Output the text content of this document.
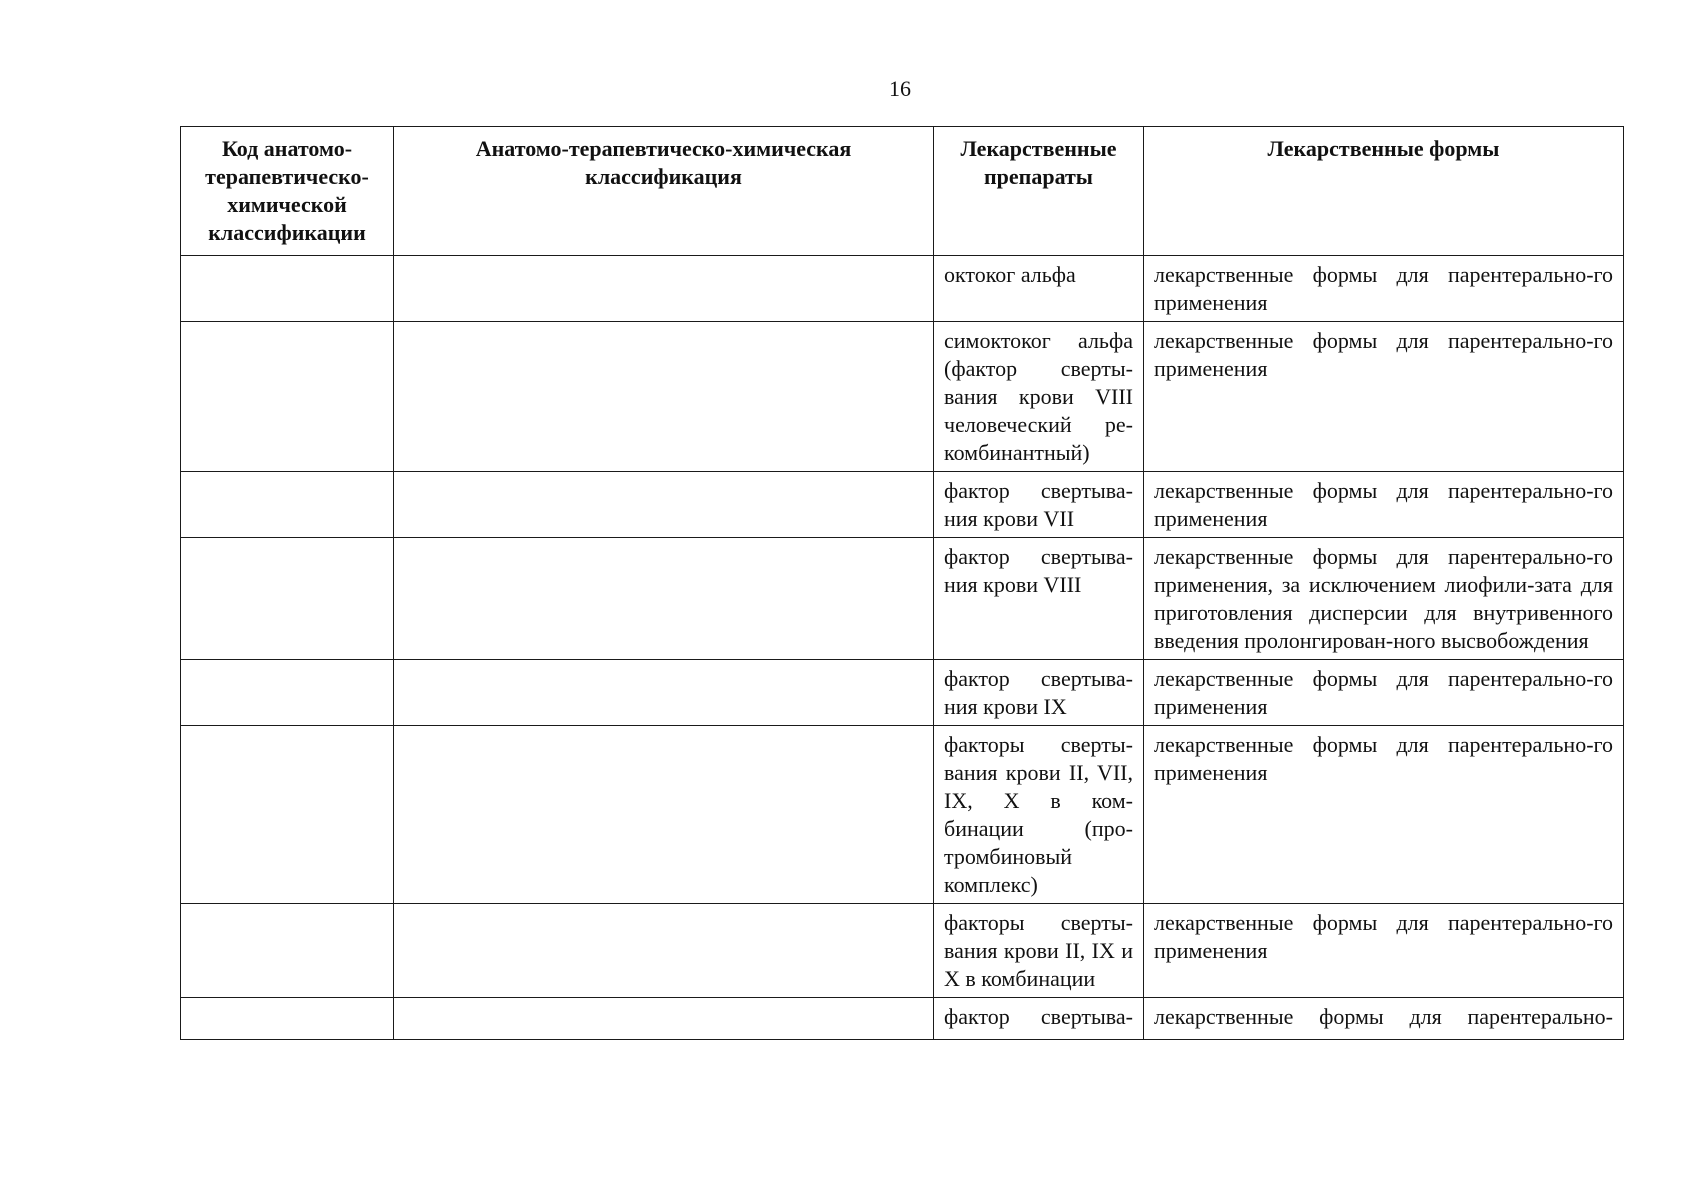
16
Код анатомо-терапевтическо-химической классификации	Анатомо-терапевтическо-химическая классификация	Лекарственные препараты	Лекарственные формы
		октоког альфа	лекарственные формы для парентерально-го применения
		симоктоког альфа (фактор сверты-вания крови VIII человеческий ре-комбинантный)	лекарственные формы для парентерально-го применения
		фактор свертыва-ния крови VII	лекарственные формы для парентерально-го применения
		фактор свертыва-ния крови VIII	лекарственные формы для парентерально-го применения, за исключением лиофили-зата для приготовления дисперсии для внутривенного введения пролонгирован-ного высвобождения
		фактор свертыва-ния крови IX	лекарственные формы для парентерально-го применения
		факторы сверты-вания крови II, VII, IX, X в ком-бинации (про-тромбиновый комплекс)	лекарственные формы для парентерально-го применения
		факторы сверты-вания крови II, IX и X в комбинации	лекарственные формы для парентерально-го применения
		фактор свертыва-	лекарственные формы для парентерально-
